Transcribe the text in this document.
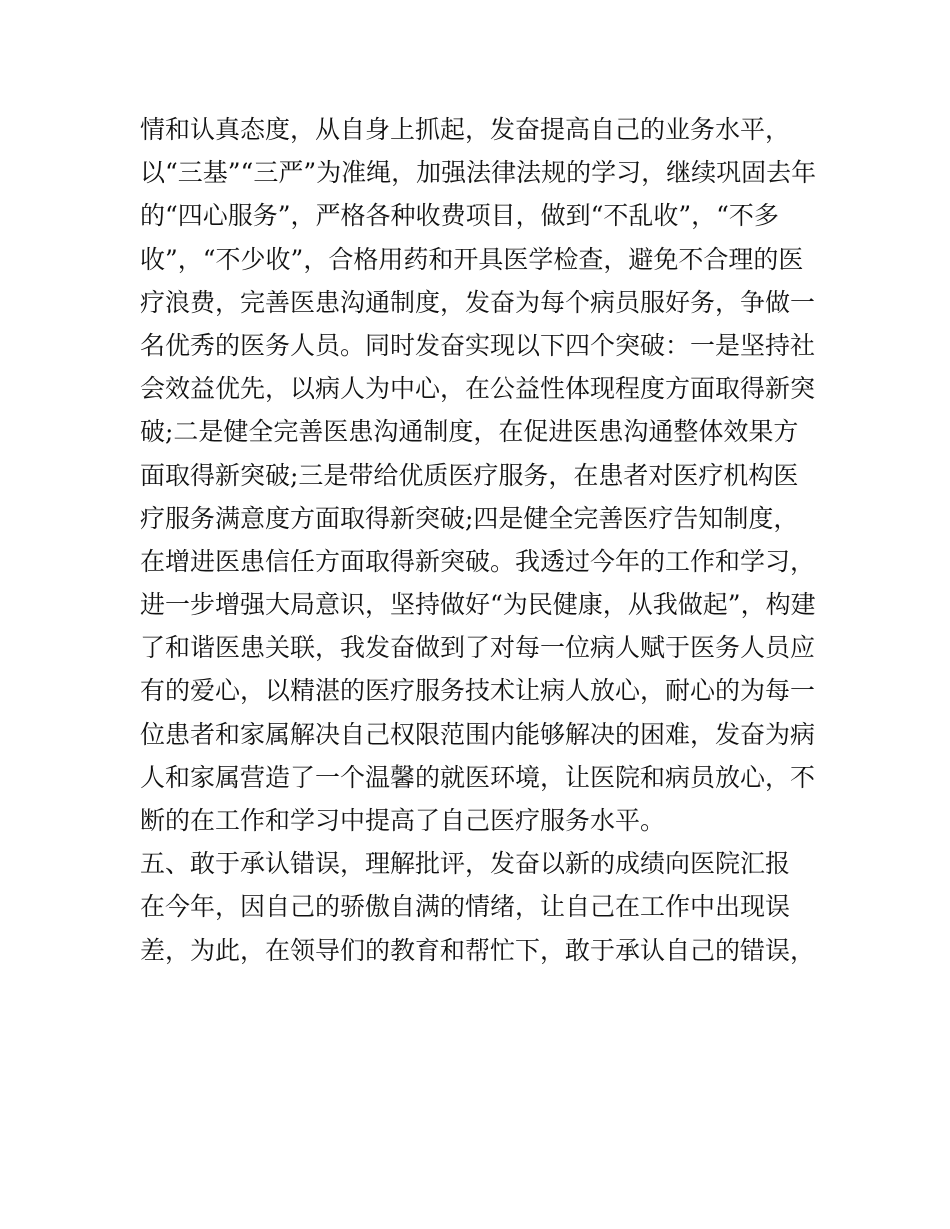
情和认真态度，从自身上抓起，发奋提高自己的业务水平，
以“三基”“三严”为准绳，加强法律法规的学习，继续巩固去年
的“四心服务”，严格各种收费项目，做到“不乱收”，“不多
收”，“不少收”，合格用药和开具医学检查，避免不合理的医
疗浪费，完善医患沟通制度，发奋为每个病员服好务，争做一
名优秀的医务人员。同时发奋实现以下四个突破：一是坚持社
会效益优先，以病人为中心，在公益性体现程度方面取得新突
破;二是健全完善医患沟通制度，在促进医患沟通整体效果方
面取得新突破;三是带给优质医疗服务，在患者对医疗机构医
疗服务满意度方面取得新突破;四是健全完善医疗告知制度，
在增进医患信任方面取得新突破。我透过今年的工作和学习，
进一步增强大局意识，坚持做好“为民健康，从我做起”，构建
了和谐医患关联，我发奋做到了对每一位病人赋于医务人员应
有的爱心，以精湛的医疗服务技术让病人放心，耐心的为每一
位患者和家属解决自己权限范围内能够解决的困难，发奋为病
人和家属营造了一个温馨的就医环境，让医院和病员放心，不
断的在工作和学习中提高了自己医疗服务水平。
五、敢于承认错误，理解批评，发奋以新的成绩向医院汇报
在今年，因自己的骄傲自满的情绪，让自己在工作中出现误
差，为此，在领导们的教育和帮忙下，敢于承认自己的错误，
